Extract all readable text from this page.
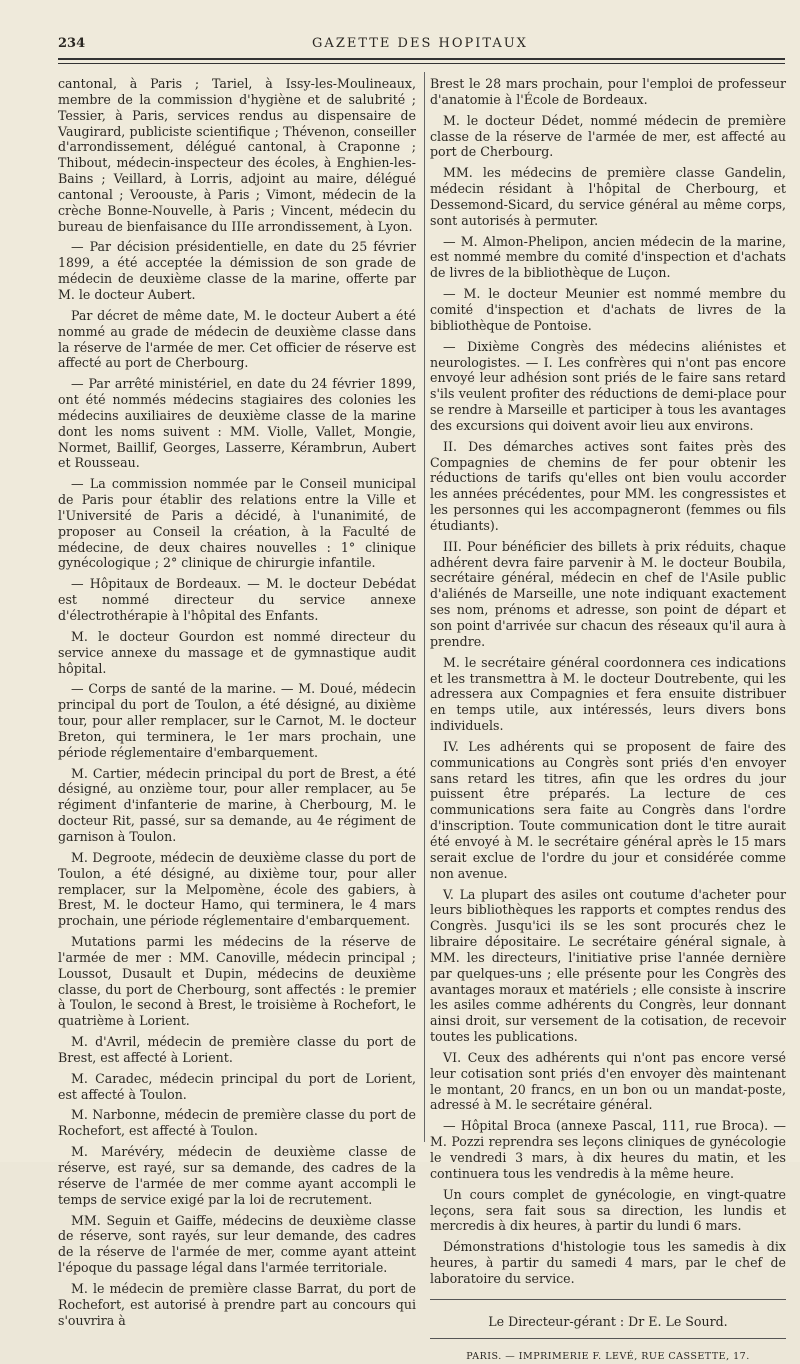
234	GAZETTE DES HOPITAUX

cantonal, à Paris ; Tariel, à Issy-les-Moulineaux, membre de la commission d'hygiène et de salubrité ; Tessier, à Paris, services rendus au dispensaire de Vaugirard, publiciste scientifique ; Thévenon, conseiller d'arrondissement, délégué cantonal, à Craponne ; Thibout, médecin-inspecteur des écoles, à Enghien-les-Bains ; Veillard, à Lorris, adjoint au maire, délégué cantonal ; Veroouste, à Paris ; Vimont, médecin de la crèche Bonne-Nouvelle, à Paris ; Vincent, médecin du bureau de bienfaisance du IIIe arrondissement, à Lyon.

— Par décision présidentielle, en date du 25 février 1899, a été acceptée la démission de son grade de médecin de deuxième classe de la marine, offerte par M. le docteur Aubert.

Par décret de même date, M. le docteur Aubert a été nommé au grade de médecin de deuxième classe dans la réserve de l'armée de mer. Cet officier de réserve est affecté au port de Cherbourg.

— Par arrêté ministériel, en date du 24 février 1899, ont été nommés médecins stagiaires des colonies les médecins auxiliaires de deuxième classe de la marine dont les noms suivent : MM. Violle, Vallet, Mongie, Normet, Baillif, Georges, Lasserre, Kérambrun, Aubert et Rousseau.

— La commission nommée par le Conseil municipal de Paris pour établir des relations entre la Ville et l'Université de Paris a décidé, à l'unanimité, de proposer au Conseil la création, à la Faculté de médecine, de deux chaires nouvelles : 1° clinique gynécologique ; 2° clinique de chirurgie infantile.

— Hôpitaux de Bordeaux. — M. le docteur Debédat est nommé directeur du service annexe d'électrothérapie à l'hôpital des Enfants.

M. le docteur Gourdon est nommé directeur du service annexe du massage et de gymnastique audit hôpital.

— Corps de santé de la marine. — M. Doué, médecin principal du port de Toulon, a été désigné, au dixième tour, pour aller remplacer, sur le Carnot, M. le docteur Breton, qui terminera, le 1er mars prochain, une période réglementaire d'embarquement.

M. Cartier, médecin principal du port de Brest, a été désigné, au onzième tour, pour aller remplacer, au 5e régiment d'infanterie de marine, à Cherbourg, M. le docteur Rit, passé, sur sa demande, au 4e régiment de garnison à Toulon.

M. Degroote, médecin de deuxième classe du port de Toulon, a été désigné, au dixième tour, pour aller remplacer, sur la Melpomène, école des gabiers, à Brest, M. le docteur Hamo, qui terminera, le 4 mars prochain, une période réglementaire d'embarquement.

Mutations parmi les médecins de la réserve de l'armée de mer : MM. Canoville, médecin principal ; Loussot, Dusault et Dupin, médecins de deuxième classe, du port de Cherbourg, sont affectés : le premier à Toulon, le second à Brest, le troisième à Rochefort, le quatrième à Lorient.

M. d'Avril, médecin de première classe du port de Brest, est affecté à Lorient.

M. Caradec, médecin principal du port de Lorient, est affecté à Toulon.

M. Narbonne, médecin de première classe du port de Rochefort, est affecté à Toulon.

M. Marévéry, médecin de deuxième classe de réserve, est rayé, sur sa demande, des cadres de la réserve de l'armée de mer comme ayant accompli le temps de service exigé par la loi de recrutement.

MM. Seguin et Gaiffe, médecins de deuxième classe de réserve, sont rayés, sur leur demande, des cadres de la réserve de l'armée de mer, comme ayant atteint l'époque du passage légal dans l'armée territoriale.

M. le médecin de première classe Barrat, du port de Rochefort, est autorisé à prendre part au concours qui s'ouvrira à

Brest le 28 mars prochain, pour l'emploi de professeur d'anatomie à l'École de Bordeaux.

M. le docteur Dédet, nommé médecin de première classe de la réserve de l'armée de mer, est affecté au port de Cherbourg.

MM. les médecins de première classe Gandelin, médecin résidant à l'hôpital de Cherbourg, et Dessemond-Sicard, du service général au même corps, sont autorisés à permuter.

— M. Almon-Phelipon, ancien médecin de la marine, est nommé membre du comité d'inspection et d'achats de livres de la bibliothèque de Luçon.

— M. le docteur Meunier est nommé membre du comité d'inspection et d'achats de livres de la bibliothèque de Pontoise.

— Dixième Congrès des médecins aliénistes et neurologistes. — I. Les confrères qui n'ont pas encore envoyé leur adhésion sont priés de le faire sans retard s'ils veulent profiter des réductions de demi-place pour se rendre à Marseille et participer à tous les avantages des excursions qui doivent avoir lieu aux environs.

II. Des démarches actives sont faites près des Compagnies de chemins de fer pour obtenir les réductions de tarifs qu'elles ont bien voulu accorder les années précédentes, pour MM. les congressistes et les personnes qui les accompagneront (femmes ou fils étudiants).

III. Pour bénéficier des billets à prix réduits, chaque adhérent devra faire parvenir à M. le docteur Boubila, secrétaire général, médecin en chef de l'Asile public d'aliénés de Marseille, une note indiquant exactement ses nom, prénoms et adresse, son point de départ et son point d'arrivée sur chacun des réseaux qu'il aura à prendre.

M. le secrétaire général coordonnera ces indications et les transmettra à M. le docteur Doutrebente, qui les adressera aux Compagnies et fera ensuite distribuer en temps utile, aux intéressés, leurs divers bons individuels.

IV. Les adhérents qui se proposent de faire des communications au Congrès sont priés d'en envoyer sans retard les titres, afin que les ordres du jour puissent être préparés. La lecture de ces communications sera faite au Congrès dans l'ordre d'inscription. Toute communication dont le titre aurait été envoyé à M. le secrétaire général après le 15 mars serait exclue de l'ordre du jour et considérée comme non avenue.

V. La plupart des asiles ont coutume d'acheter pour leurs bibliothèques les rapports et comptes rendus des Congrès. Jusqu'ici ils se les sont procurés chez le libraire dépositaire. Le secrétaire général signale, à MM. les directeurs, l'initiative prise l'année dernière par quelques-uns ; elle présente pour les Congrès des avantages moraux et matériels ; elle consiste à inscrire les asiles comme adhérents du Congrès, leur donnant ainsi droit, sur versement de la cotisation, de recevoir toutes les publications.

VI. Ceux des adhérents qui n'ont pas encore versé leur cotisation sont priés d'en envoyer dès maintenant le montant, 20 francs, en un bon ou un mandat-poste, adressé à M. le secrétaire général.

— Hôpital Broca (annexe Pascal, 111, rue Broca). — M. Pozzi reprendra ses leçons cliniques de gynécologie le vendredi 3 mars, à dix heures du matin, et les continuera tous les vendredis à la même heure.

Un cours complet de gynécologie, en vingt-quatre leçons, sera fait sous sa direction, les lundis et mercredis à dix heures, à partir du lundi 6 mars.

Démonstrations d'histologie tous les samedis à dix heures, à partir du samedi 4 mars, par le chef de laboratoire du service.

Le Directeur-gérant : Dr E. Le Sourd.
PARIS. — IMPRIMERIE F. LEVÉ, RUE CASSETTE, 17.
